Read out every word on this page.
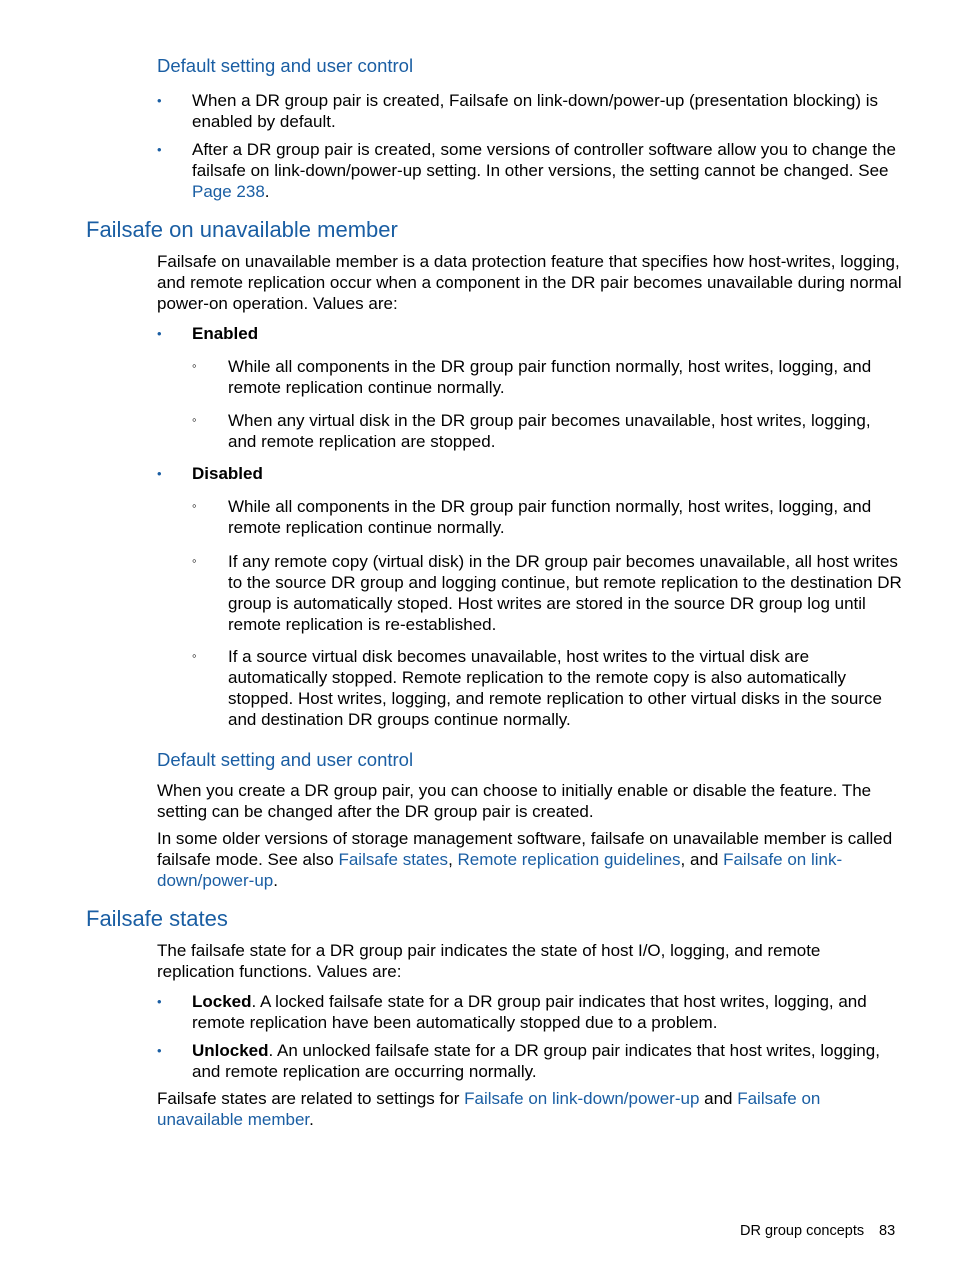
Default setting and user control
• When a DR group pair is created, Failsafe on link-down/power-up (presentation blocking) is enabled by default.

• After a DR group pair is created, some versions of controller software allow you to change the failsafe on link-down/power-up setting. In other versions, the setting cannot be changed. See Page 238.

Failsafe on unavailable member

Failsafe on unavailable member is a data protection feature that specifies how host-writes, logging, and remote replication occur when a component in the DR pair becomes unavailable during normal power-on operation. Values are:

• Enabled

◦ While all components in the DR group pair function normally, host writes, logging, and remote replication continue normally.

◦ When any virtual disk in the DR group pair becomes unavailable, host writes, logging, and remote replication are stopped.

• Disabled

◦ While all components in the DR group pair function normally, host writes, logging, and remote replication continue normally.

◦ If any remote copy (virtual disk) in the DR group pair becomes unavailable, all host writes to the source DR group and logging continue, but remote replication to the destination DR group is automatically stoped. Host writes are stored in the source DR group log until remote replication is re-established.

◦ If a source virtual disk becomes unavailable, host writes to the virtual disk are automatically stopped. Remote replication to the remote copy is also automatically stopped. Host writes, logging, and remote replication to other virtual disks in the source and destination DR groups continue normally.

Default setting and user control

When you create a DR group pair, you can choose to initially enable or disable the feature. The setting can be changed after the DR group pair is created.

In some older versions of storage management software, failsafe on unavailable member is called failsafe mode. See also Failsafe states, Remote replication guidelines, and Failsafe on link-down/power-up.

Failsafe states

The failsafe state for a DR group pair indicates the state of host I/O, logging, and remote replication functions. Values are:

• Locked. A locked failsafe state for a DR group pair indicates that host writes, logging, and remote replication have been automatically stopped due to a problem.

• Unlocked. An unlocked failsafe state for a DR group pair indicates that host writes, logging, and remote replication are occurring normally.

Failsafe states are related to settings for Failsafe on link-down/power-up and Failsafe on unavailable member.

DR group concepts 83
